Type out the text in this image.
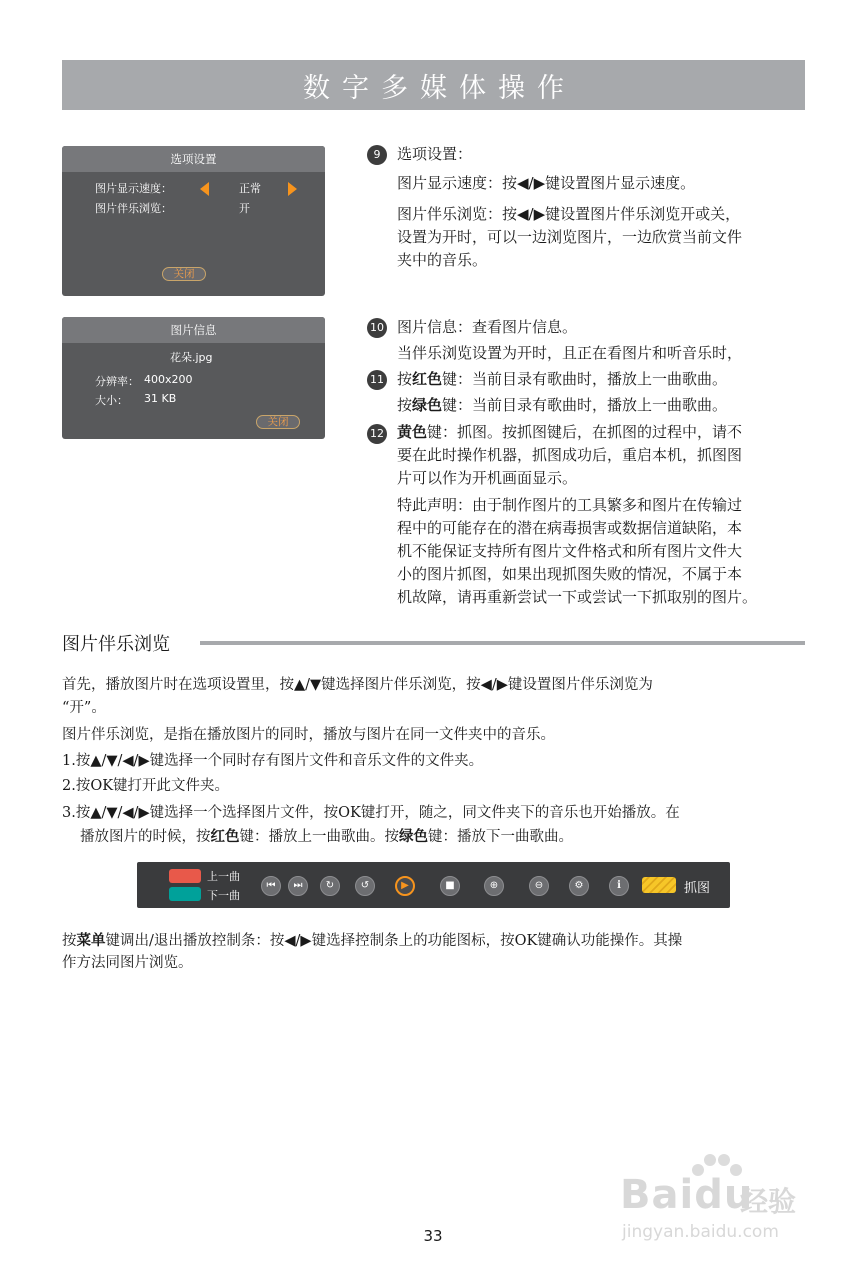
数字多媒体操作
选项设置
图片显示速度：	正常
图片伴乐浏览：	开
关闭
图片信息
花朵.jpg
分辨率： 400x200
大小： 31 KB
关闭
9	选项设置：
图片显示速度：按◀/▶键设置图片显示速度。
图片伴乐浏览：按◀/▶键设置图片伴乐浏览开或关，
设置为开时，可以一边浏览图片，一边欣赏当前文件
夹中的音乐。
10 图片信息：查看图片信息。
当伴乐浏览设置为开时，且正在看图片和听音乐时，
11 按红色键：当前目录有歌曲时，播放上一曲歌曲。
按绿色键：当前目录有歌曲时，播放上一曲歌曲。
12 黄色键：抓图。按抓图键后，在抓图的过程中，请不
要在此时操作机器，抓图成功后，重启本机，抓图图
片可以作为开机画面显示。
特此声明：由于制作图片的工具繁多和图片在传输过
程中的可能存在的潜在病毒损害或数据信道缺陷，本
机不能保证支持所有图片文件格式和所有图片文件大
小的图片抓图，如果出现抓图失败的情况，不属于本
机故障，请再重新尝试一下或尝试一下抓取别的图片。
图片伴乐浏览
首先，播放图片时在选项设置里，按▲/▼键选择图片伴乐浏览，按◀/▶键设置图片伴乐浏览为
“开”。
图片伴乐浏览，是指在播放图片的同时，播放与图片在同一文件夹中的音乐。
1.按▲/▼/◀/▶键选择一个同时存有图片文件和音乐文件的文件夹。
2.按OK键打开此文件夹。
3.按▲/▼/◀/▶键选择一个选择图片文件，按OK键打开，随之，同文件夹下的音乐也开始播放。在
播放图片的时候，按红色键：播放上一曲歌曲。按绿色键：播放下一曲歌曲。
上一曲
下一曲
⏮	⏭	↻	↺	▶	■	⊕	⊖	⚙	i	抓图
按菜单键调出/退出播放控制条：按◀/▶键选择控制条上的功能图标，按OK键确认功能操作。其操
作方法同图片浏览。
Baidu
经验
jingyan.baidu.com
33
